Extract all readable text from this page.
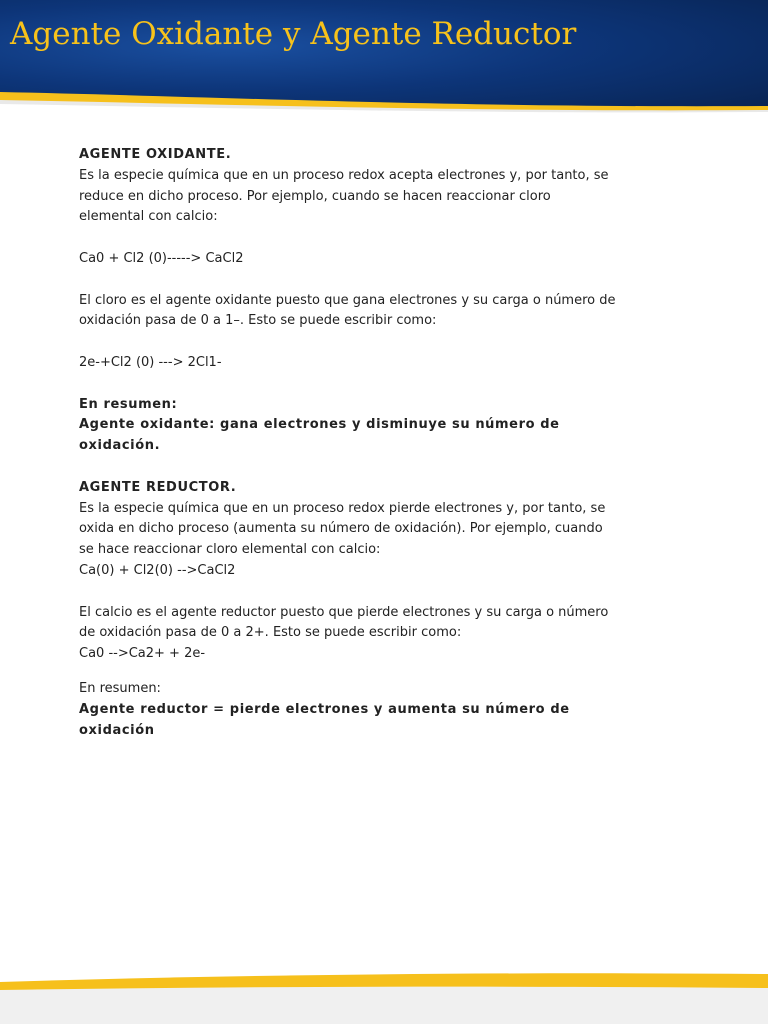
Agente Oxidante y Agente Reductor

AGENTE OXIDANTE.

Es la especie química que en un proceso redox acepta electrones y, por tanto, se
reduce en dicho proceso. Por ejemplo, cuando se hacen reaccionar cloro
elemental con calcio:

Ca0 + Cl2 (0)-----> CaCl2

El cloro es el agente oxidante puesto que gana electrones y su carga o número de
oxidación pasa de 0 a 1–. Esto se puede escribir como:

2e-+Cl2 (0) ---> 2Cl1-

En resumen:

Agente oxidante: gana electrones y disminuye su número de oxidación.

AGENTE REDUCTOR.

Es la especie química que en un proceso redox pierde electrones y, por tanto, se
oxida en dicho proceso (aumenta su número de oxidación). Por ejemplo, cuando
se hace reaccionar cloro elemental con calcio:
Ca(0) + Cl2(0) -->CaCl2

El calcio es el agente reductor puesto que pierde electrones y su carga o número
de oxidación pasa de 0 a 2+. Esto se puede escribir como:
Ca0 -->Ca2+ + 2e-

En resumen:

Agente reductor = pierde electrones y aumenta su número de oxidación
